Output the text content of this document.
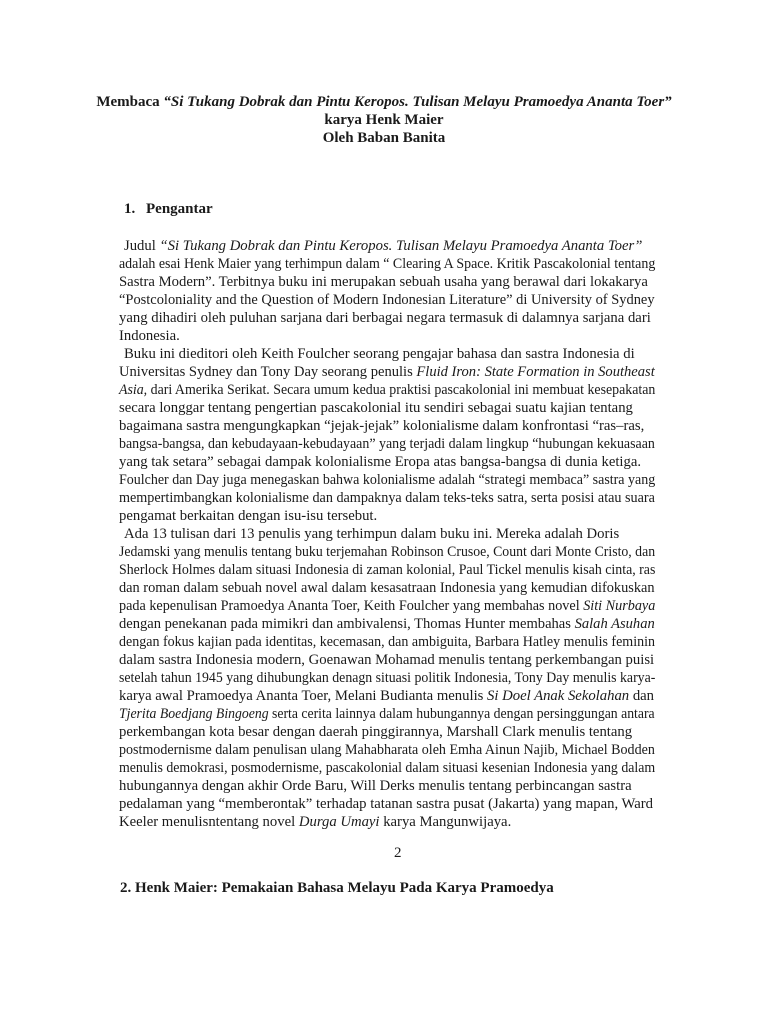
Membaca “Si Tukang Dobrak dan Pintu Keropos. Tulisan Melayu Pramoedya Ananta Toer”
karya Henk Maier
Oleh Baban Banita
1. Pengantar
Judul “Si Tukang Dobrak dan Pintu Keropos. Tulisan Melayu Pramoedya Ananta Toer”
adalah esai Henk Maier yang terhimpun dalam “ Clearing A Space. Kritik Pascakolonial tentang
Sastra Modern”. Terbitnya buku ini merupakan sebuah usaha yang berawal dari lokakarya
“Postcoloniality and the Question of Modern Indonesian Literature” di University of Sydney
yang dihadiri oleh puluhan sarjana dari berbagai negara termasuk di dalamnya sarjana dari
Indonesia.
Buku ini dieditori oleh Keith Foulcher seorang pengajar bahasa dan sastra Indonesia di
Universitas Sydney dan Tony Day seorang penulis Fluid Iron: State Formation in Southeast
Asia, dari Amerika Serikat. Secara umum kedua praktisi pascakolonial ini membuat kesepakatan
secara longgar tentang pengertian pascakolonial itu sendiri sebagai suatu kajian tentang
bagaimana sastra mengungkapkan “jejak-jejak” kolonialisme dalam konfrontasi “ras–ras,
bangsa-bangsa, dan kebudayaan-kebudayaan” yang terjadi dalam lingkup “hubungan kekuasaan
yang tak setara” sebagai dampak kolonialisme Eropa atas bangsa-bangsa di dunia ketiga.
Foulcher dan Day juga menegaskan bahwa kolonialisme adalah “strategi membaca” sastra yang
mempertimbangkan kolonialisme dan dampaknya dalam teks-teks satra, serta posisi atau suara
pengamat berkaitan dengan isu-isu tersebut.
Ada 13 tulisan dari 13 penulis yang terhimpun dalam buku ini. Mereka adalah Doris
Jedamski yang menulis tentang buku terjemahan Robinson Crusoe, Count dari Monte Cristo, dan
Sherlock Holmes dalam situasi Indonesia di zaman kolonial, Paul Tickel menulis kisah cinta, ras
dan roman dalam sebuah novel awal dalam kesasatraan Indonesia yang kemudian difokuskan
pada kepenulisan Pramoedya Ananta Toer, Keith Foulcher yang membahas novel Siti Nurbaya
dengan penekanan pada mimikri dan ambivalensi, Thomas Hunter membahas Salah Asuhan
dengan fokus kajian pada identitas, kecemasan, dan ambiguita, Barbara Hatley menulis feminin
dalam sastra Indonesia modern, Goenawan Mohamad menulis tentang perkembangan puisi
setelah tahun 1945 yang dihubungkan denagn situasi politik Indonesia, Tony Day menulis karya-
karya awal Pramoedya Ananta Toer, Melani Budianta menulis Si Doel Anak Sekolahan dan
Tjerita Boedjang Bingoeng serta cerita lainnya dalam hubungannya dengan persinggungan antara
perkembangan kota besar dengan daerah pinggirannya, Marshall Clark menulis tentang
postmodernisme dalam penulisan ulang Mahabharata oleh Emha Ainun Najib, Michael Bodden
menulis demokrasi, posmodernisme, pascakolonial dalam situasi kesenian Indonesia yang dalam
hubungannya dengan akhir Orde Baru, Will Derks menulis tentang perbincangan sastra
pedalaman yang “memberontak” terhadap tatanan sastra pusat (Jakarta) yang mapan, Ward
Keeler menulisntentang novel Durga Umayi karya Mangunwijaya.
2
2. Henk Maier: Pemakaian Bahasa Melayu Pada Karya Pramoedya
